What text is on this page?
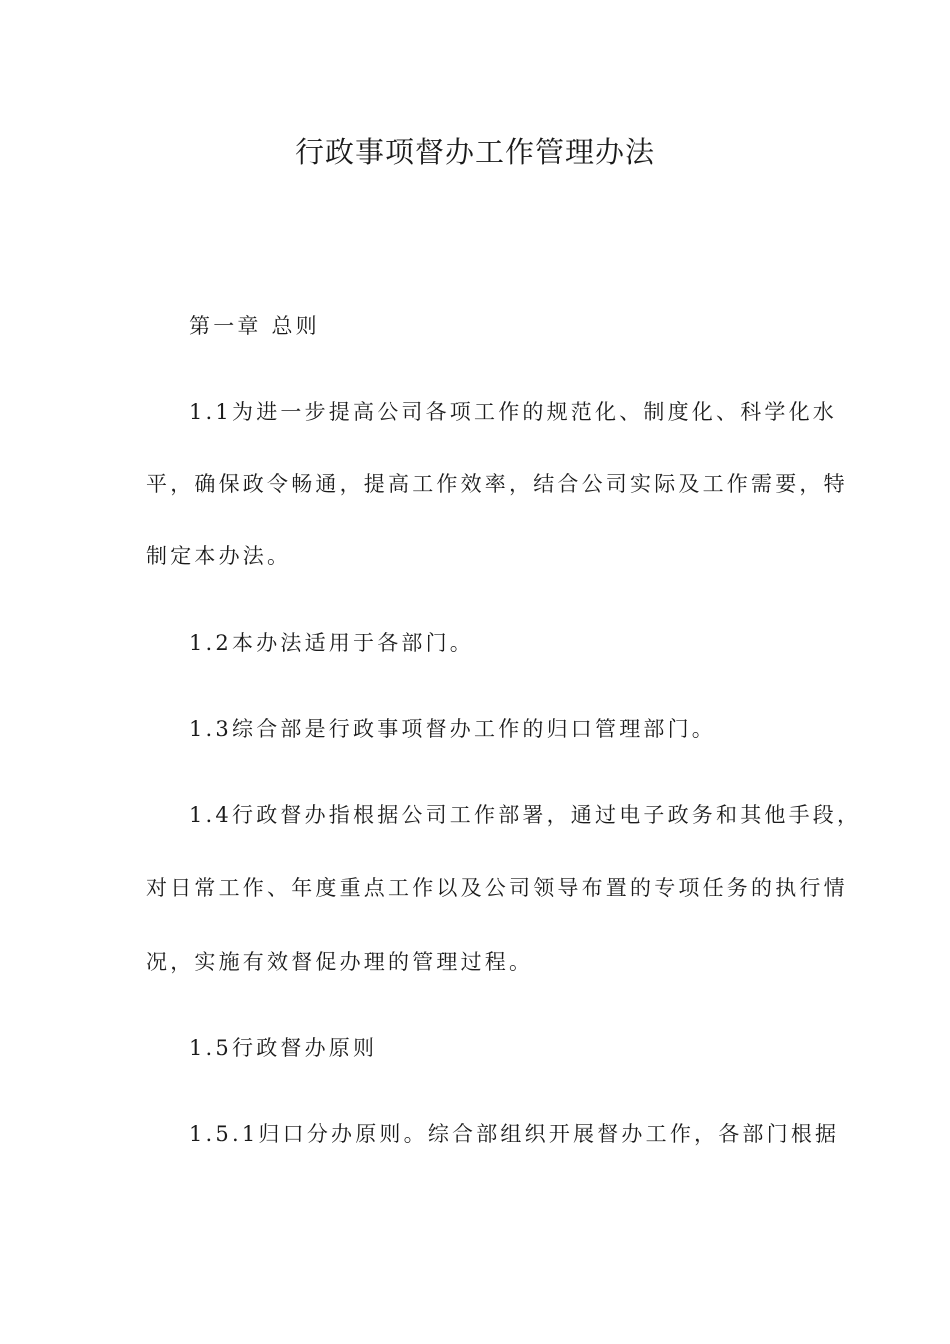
行政事项督办工作管理办法
第一章 总则
1.1为进一步提高公司各项工作的规范化、制度化、科学化水
平，确保政令畅通，提高工作效率，结合公司实际及工作需要，特
制定本办法。
1.2本办法适用于各部门。
1.3综合部是行政事项督办工作的归口管理部门。
1.4行政督办指根据公司工作部署，通过电子政务和其他手段，
对日常工作、年度重点工作以及公司领导布置的专项任务的执行情
况，实施有效督促办理的管理过程。
1.5行政督办原则
1.5.1归口分办原则。综合部组织开展督办工作，各部门根据
